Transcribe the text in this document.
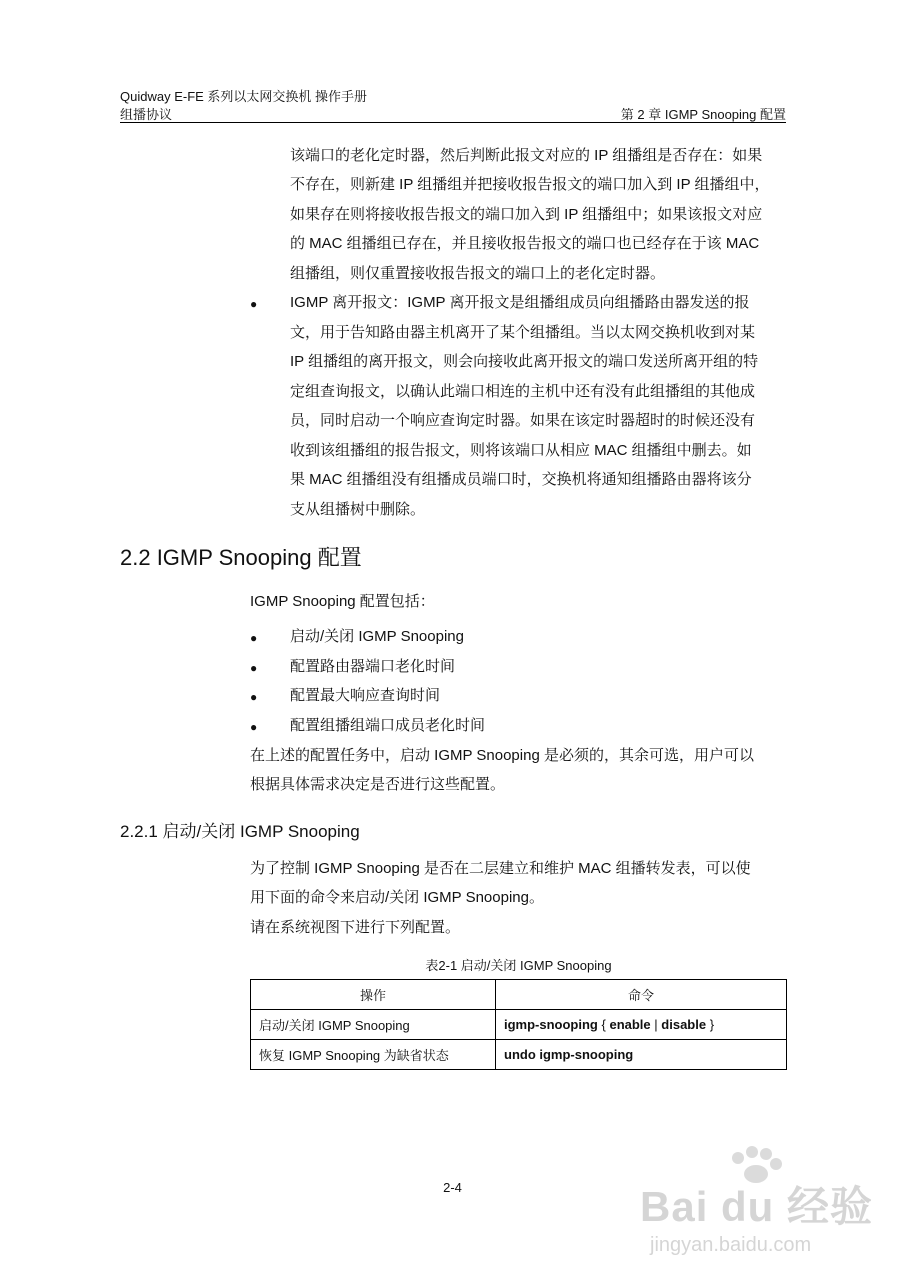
Quidway E-FE 系列以太网交换机 操作手册
组播协议	第 2 章 IGMP Snooping 配置
该端口的老化定时器，然后判断此报文对应的 IP 组播组是否存在：如果
不存在，则新建 IP 组播组并把接收报告报文的端口加入到 IP 组播组中，
如果存在则将接收报告报文的端口加入到 IP 组播组中；如果该报文对应
的 MAC 组播组已存在，并且接收报告报文的端口也已经存在于该 MAC
组播组，则仅重置接收报告报文的端口上的老化定时器。
●	IGMP 离开报文：IGMP 离开报文是组播组成员向组播路由器发送的报
文，用于告知路由器主机离开了某个组播组。当以太网交换机收到对某
IP 组播组的离开报文，则会向接收此离开报文的端口发送所离开组的特
定组查询报文，以确认此端口相连的主机中还有没有此组播组的其他成
员，同时启动一个响应查询定时器。如果在该定时器超时的时候还没有
收到该组播组的报告报文，则将该端口从相应 MAC 组播组中删去。如
果 MAC 组播组没有组播成员端口时，交换机将通知组播路由器将该分
支从组播树中删除。
2.2 IGMP Snooping 配置
IGMP Snooping 配置包括：
●	启动/关闭 IGMP Snooping
●	配置路由器端口老化时间
●	配置最大响应查询时间
●	配置组播组端口成员老化时间
在上述的配置任务中，启动 IGMP Snooping 是必须的，其余可选，用户可以
根据具体需求决定是否进行这些配置。
2.2.1 启动/关闭 IGMP Snooping
为了控制 IGMP Snooping 是否在二层建立和维护 MAC 组播转发表，可以使
用下面的命令来启动/关闭 IGMP Snooping。
请在系统视图下进行下列配置。
表2-1 启动/关闭 IGMP Snooping
操作	命令
启动/关闭 IGMP Snooping	igmp-snooping { enable | disable }
恢复 IGMP Snooping 为缺省状态	undo igmp-snooping
2-4	Bai du 经验
jingyan.baidu.com
